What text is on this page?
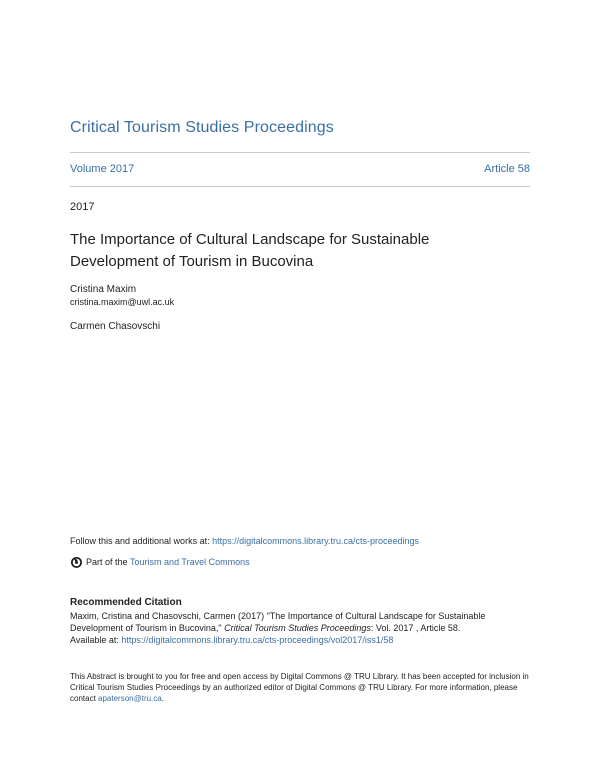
Critical Tourism Studies Proceedings
Volume 2017	Article 58
2017
The Importance of Cultural Landscape for Sustainable Development of Tourism in Bucovina
Cristina Maxim
cristina.maxim@uwl.ac.uk
Carmen Chasovschi
Follow this and additional works at: https://digitalcommons.library.tru.ca/cts-proceedings
Part of the
Tourism and Travel Commons
Recommended Citation
Maxim, Cristina and Chasovschi, Carmen (2017) "The Importance of Cultural Landscape for Sustainable Development of Tourism in Bucovina," Critical Tourism Studies Proceedings: Vol. 2017 , Article 58.
Available at: https://digitalcommons.library.tru.ca/cts-proceedings/vol2017/iss1/58
This Abstract is brought to you for free and open access by Digital Commons @ TRU Library. It has been accepted for inclusion in Critical Tourism Studies Proceedings by an authorized editor of Digital Commons @ TRU Library. For more information, please contact apaterson@tru.ca.
